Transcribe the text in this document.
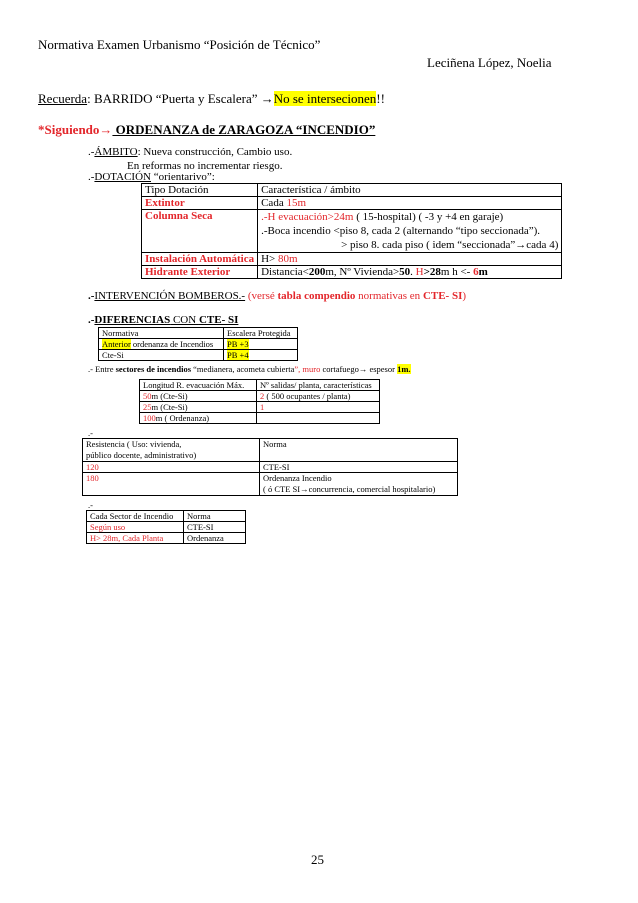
Normativa Examen Urbanismo “Posición de Técnico”
Leciñena López, Noelia
Recuerda: BARRIDO “Puerta y Escalera” →No se intersecionen!!
*Siguiendo→ ORDENANZA de ZARAGOZA “INCENDIO”
.-ÁMBITO: Nueva construcción, Cambio uso.
En reformas no incrementar riesgo.
.-DOTACIÓN “orientarivo”:
Tipo Dotación	Característica / ámbito
Extintor	Cada 15m
Columna Seca	.-H evacuación>24m ( 15-hospital) ( -3 y +4 en garaje)
.-Boca incendio <piso 8, cada 2 (alternando “tipo seccionada”).
> piso 8. cada piso ( idem “seccionada”→cada 4)

Instalación Automática	H> 80m
Hidrante Exterior	Distancia<200m, Nº Vivienda>50. H>28m h <- 6m
.-INTERVENCIÓN BOMBEROS.- (versé tabla compendio normativas en CTE- SI)
.-DIFERENCIAS CON CTE- SI
Normativa	Escalera Protegida
Anterior ordenanza de Incendios	PB +3
Cte-Si	PB +4
.- Entre sectores de incendios “medianera, acometa cubierta”, muro cortafuego→ espesor 1m.
Longitud R. evacuación Máx.	Nº salidas/ planta, características
50m (Cte-Si)	2 ( 500 ocupantes / planta)
25m (Cte-Si)	1
100m ( Ordenanza)	
.-
Resistencia ( Uso: vivienda,
público docente, administrativo)	Norma
120	CTE-SI
180	Ordenanza Incendio
( ó CTE SI→concurrencia, comercial hospitalario)
.-
Cada Sector de Incendio	Norma
Según uso	CTE-SI
H> 28m, Cada Planta	Ordenanza
25
